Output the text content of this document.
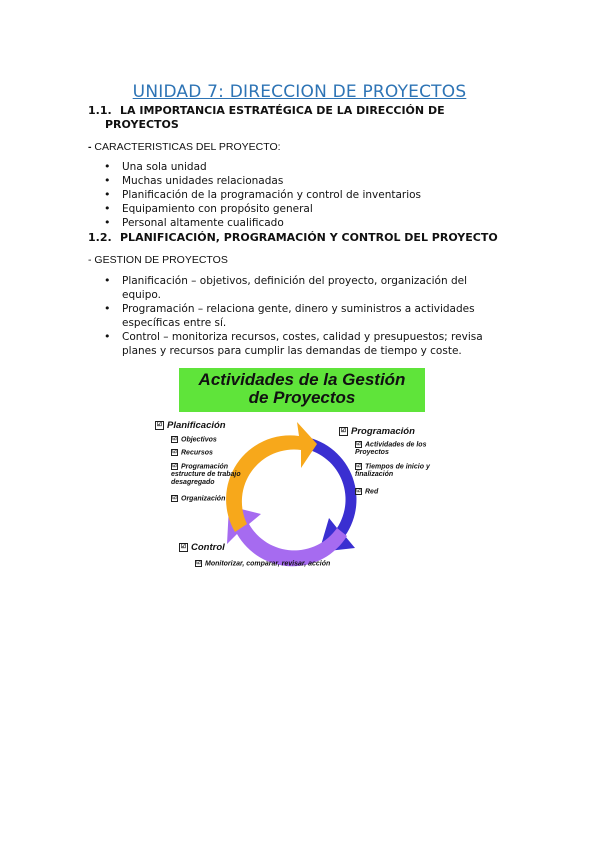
UNIDAD 7: DIRECCION DE PROYECTOS
1.1. LA IMPORTANCIA ESTRATÉGICA DE LA DIRECCIÓN DE
PROYECTOS
- CARACTERISTICAS DEL PROYECTO:
• Una sola unidad
• Muchas unidades relacionadas
• Planificación de la programación y control de inventarios
• Equipamiento con propósito general
• Personal altamente cualificado
1.2. PLANIFICACIÓN, PROGRAMACIÓN Y CONTROL DEL PROYECTO
- GESTION DE PROYECTOS
• Planificación – objetivos, definición del proyecto, organización del equipo.
• Programación – relaciona gente, dinero y suministros a actividades específicas entre sí.
• Control – monitoriza recursos, costes, calidad y presupuestos; revisa planes y recursos para cumplir las demandas de tiempo y coste.
Actividades de la Gestión
de Proyectos
☑ Planificación
☑ Objectivos
☑ Recursos
☑ Programación estructure de trabajo desagregado
☑ Organización
☑ Programación
☑ Actividades de los Proyectos
☑ Tiempos de inicio y finalización
☑ Red
☑ Control
☑ Monitorizar, comparar, revisar, acción
